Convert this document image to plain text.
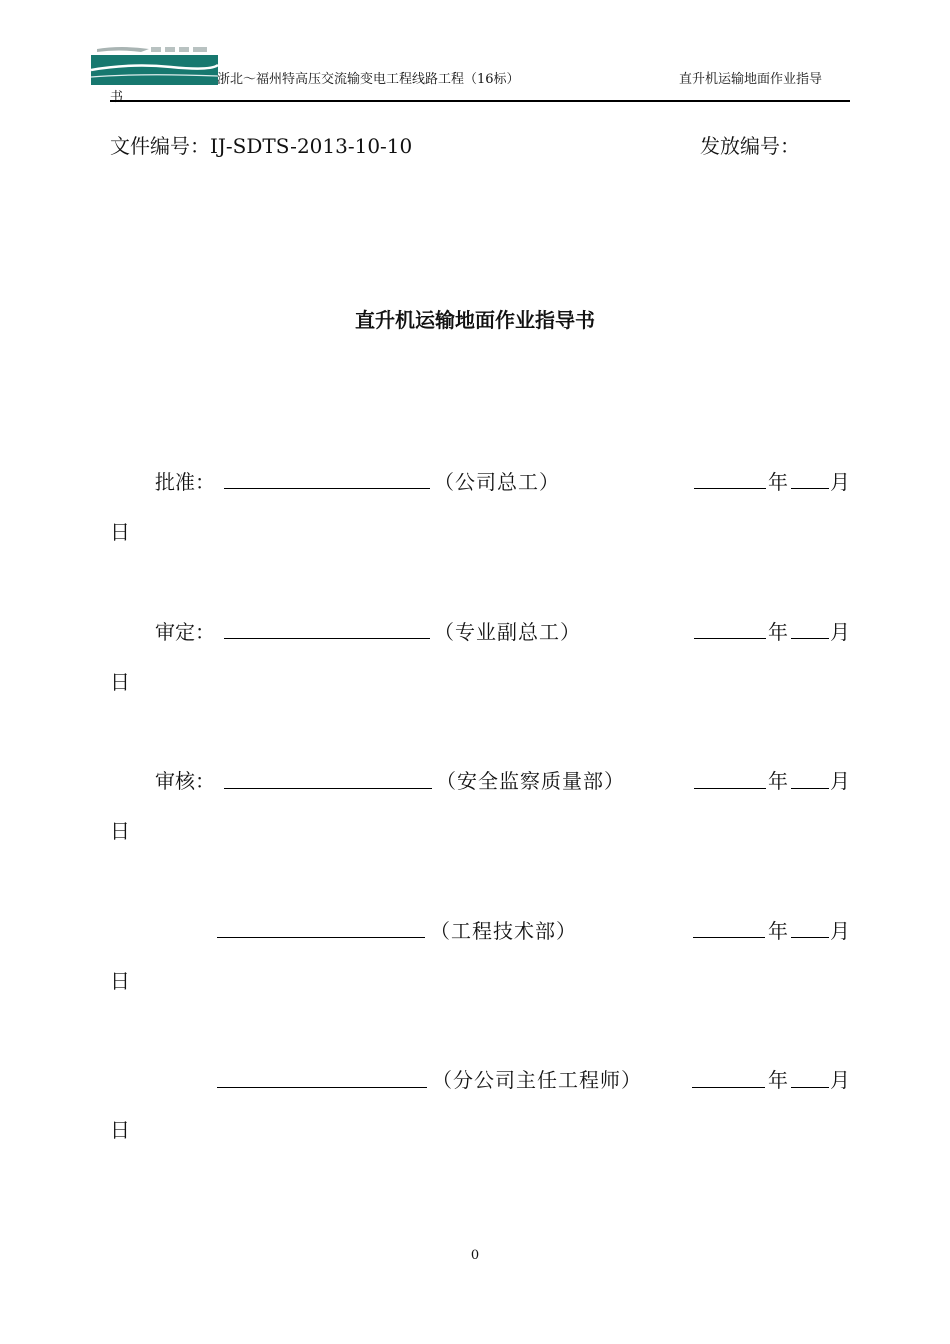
浙北～福州特高压交流输变电工程线路工程（16标）	直升机运输地面作业指导
书
文件编号：IJ-SDTS-2013-10-10	发放编号：
直升机运输地面作业指导书
批准：	（公司总工）	年 月
日
审定：	（专业副总工）	年 月
日
审核：	（安全监察质量部）	年 月
日
（工程技术部）	年 月
日
（分公司主任工程师）	年 月
日
0
